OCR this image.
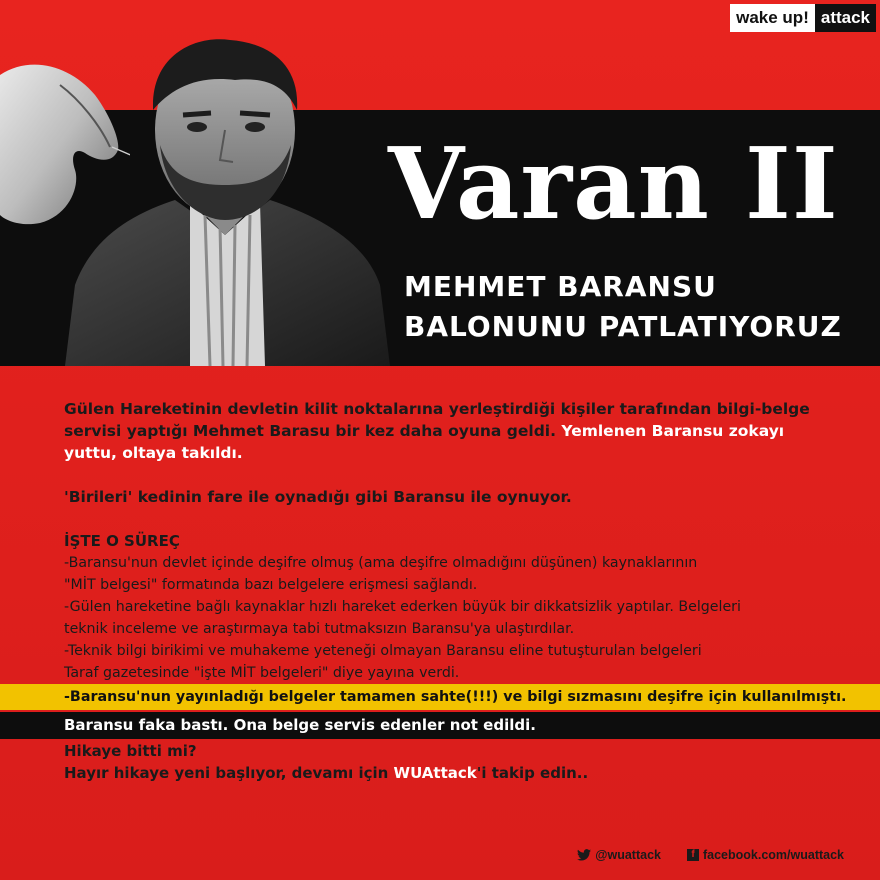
wake up! attack
Varan II
MEHMET BARANSU
BALONUNU PATLATIYORUZ
Gülen Hareketinin devletin kilit noktalarına yerleştirdiği kişiler tarafından bilgi-belge
servisi yaptığı Mehmet Barasu bir kez daha oyuna geldi. Yemlenen Baransu zokayı
yuttu, oltaya takıldı.
'Birileri' kedinin fare ile oynadığı gibi Baransu ile oynuyor.
İŞTE O SÜREÇ
-Baransu'nun devlet içinde deşifre olmuş (ama deşifre olmadığını düşünen) kaynaklarının
"MİT belgesi" formatında bazı belgelere erişmesi sağlandı.
-Gülen hareketine bağlı kaynaklar hızlı hareket ederken büyük bir dikkatsizlik yaptılar. Belgeleri
teknik inceleme ve araştırmaya tabi tutmaksızın Baransu'ya ulaştırdılar.
-Teknik bilgi birikimi ve muhakeme yeteneği olmayan Baransu eline tutuşturulan belgeleri
Taraf gazetesinde "işte MİT belgeleri" diye yayına verdi.
-Baransu'nun yayınladığı belgeler tamamen sahte(!!!) ve bilgi sızmasını deşifre için kullanılmıştı.
Baransu faka bastı. Ona belge servis edenler not edildi.
Hikaye bitti mi?
Hayır hikaye yeni başlıyor, devamı için WUAttack'i takip edin..
@wuattack	f facebook.com/wuattack
